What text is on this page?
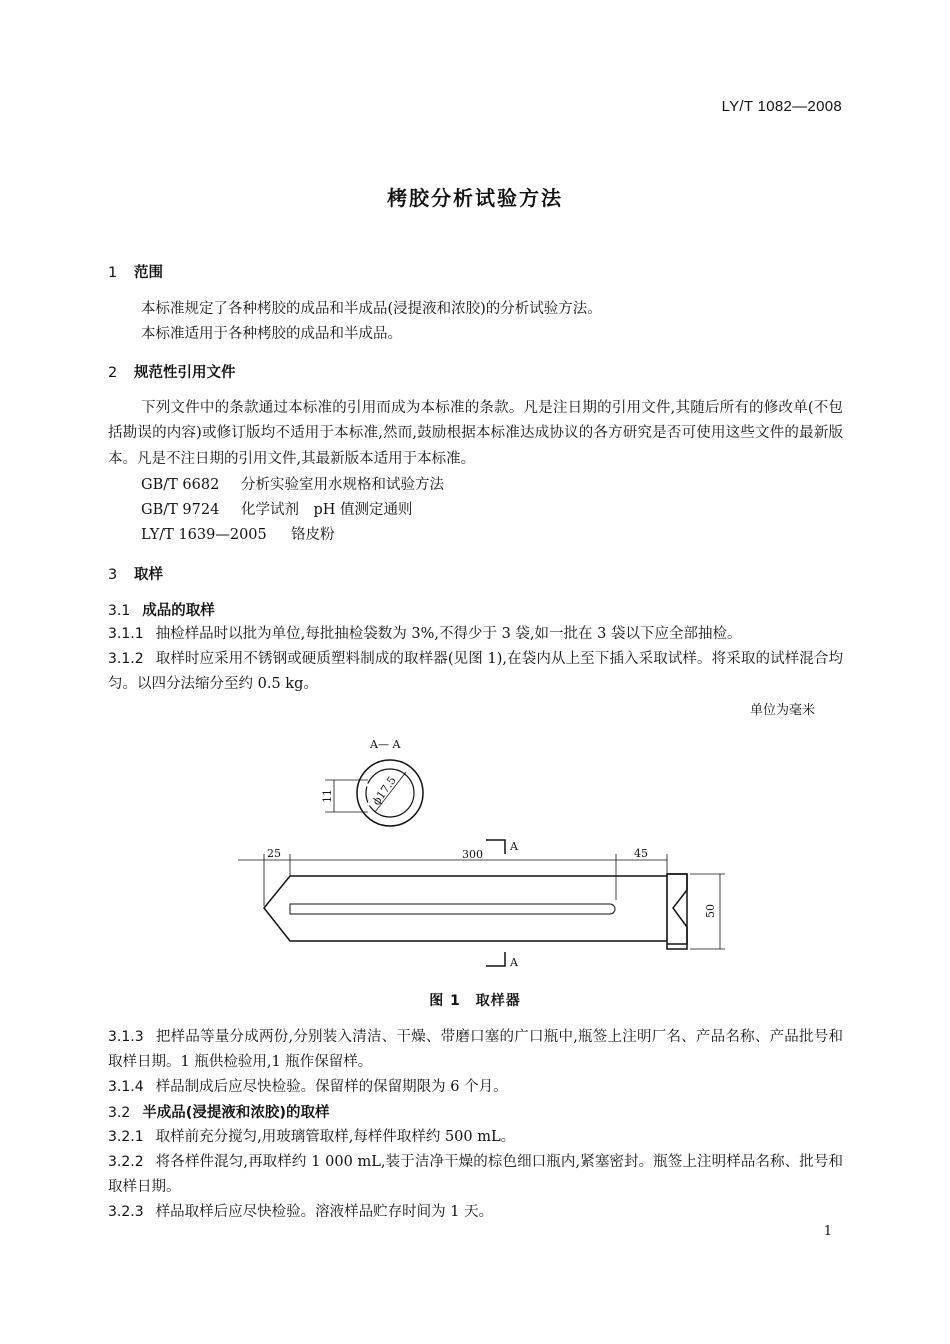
LY/T 1082—2008
栲胶分析试验方法
1 范围
本标准规定了各种栲胶的成品和半成品(浸提液和浓胶)的分析试验方法。
本标准适用于各种栲胶的成品和半成品。
2 规范性引用文件
下列文件中的条款通过本标准的引用而成为本标准的条款。凡是注日期的引用文件,其随后所有的修改单(不包括勘误的内容)或修订版均不适用于本标准,然而,鼓励根据本标准达成协议的各方研究是否可使用这些文件的最新版本。凡是不注日期的引用文件,其最新版本适用于本标准。
GB/T 6682 分析实验室用水规格和试验方法
GB/T 9724 化学试剂　pH 值测定通则
LY/T 1639—2005 铬皮粉
3 取样
3.1 成品的取样
3.1.1 抽检样品时以批为单位,每批抽检袋数为 3%,不得少于 3 袋,如一批在 3 袋以下应全部抽检。
3.1.2 取样时应采用不锈钢或硬质塑料制成的取样器(见图 1),在袋内从上至下插入采取试样。将采取的试样混合均匀。以四分法缩分至约 0.5 kg。
单位为毫米
A— A
11	ϕ17.5
25	300	45
50
A
A
图 1　取样器
3.1.3 把样品等量分成两份,分别装入清洁、干燥、带磨口塞的广口瓶中,瓶签上注明厂名、产品名称、产品批号和取样日期。1 瓶供检验用,1 瓶作保留样。
3.1.4 样品制成后应尽快检验。保留样的保留期限为 6 个月。
3.2 半成品(浸提液和浓胶)的取样
3.2.1 取样前充分搅匀,用玻璃管取样,每样件取样约 500 mL。
3.2.2 将各样件混匀,再取样约 1 000 mL,装于洁净干燥的棕色细口瓶内,紧塞密封。瓶签上注明样品名称、批号和取样日期。
3.2.3 样品取样后应尽快检验。溶液样品贮存时间为 1 天。
1
